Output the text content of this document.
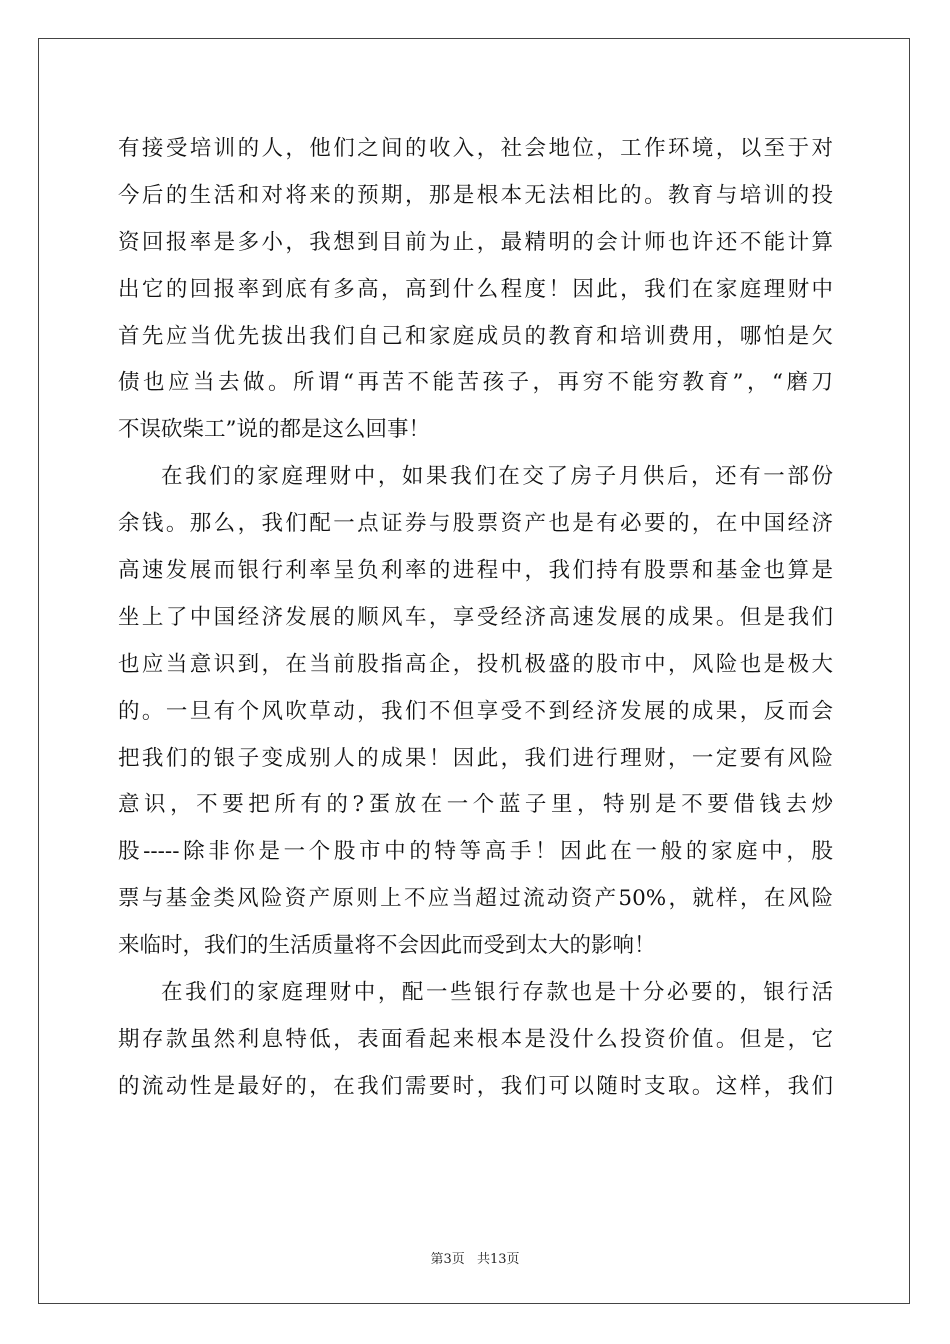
有接受培训的人，他们之间的收入，社会地位，工作环境，以至于对
今后的生活和对将来的预期，那是根本无法相比的。教育与培训的投
资回报率是多小，我想到目前为止，最精明的会计师也许还不能计算
出它的回报率到底有多高，高到什么程度！因此，我们在家庭理财中
首先应当优先拔出我们自己和家庭成员的教育和培训费用，哪怕是欠
债也应当去做。所谓“再苦不能苦孩子，再穷不能穷教育”，“磨刀
不误砍柴工”说的都是这么回事！
在我们的家庭理财中，如果我们在交了房子月供后，还有一部份
余钱。那么，我们配一点证券与股票资产也是有必要的，在中国经济
高速发展而银行利率呈负利率的进程中，我们持有股票和基金也算是
坐上了中国经济发展的顺风车，享受经济高速发展的成果。但是我们
也应当意识到，在当前股指高企，投机极盛的股市中，风险也是极大
的。一旦有个风吹草动，我们不但享受不到经济发展的成果，反而会
把我们的银子变成别人的成果！因此，我们进行理财，一定要有风险
意识，不要把所有的?蛋放在一个蓝子里，特别是不要借钱去炒
股-----除非你是一个股市中的特等高手！因此在一般的家庭中，股
票与基金类风险资产原则上不应当超过流动资产50%，就样，在风险
来临时，我们的生活质量将不会因此而受到太大的影响！
在我们的家庭理财中，配一些银行存款也是十分必要的，银行活
期存款虽然利息特低，表面看起来根本是没什么投资价值。但是，它
的流动性是最好的，在我们需要时，我们可以随时支取。这样，我们
第3页 共13页
